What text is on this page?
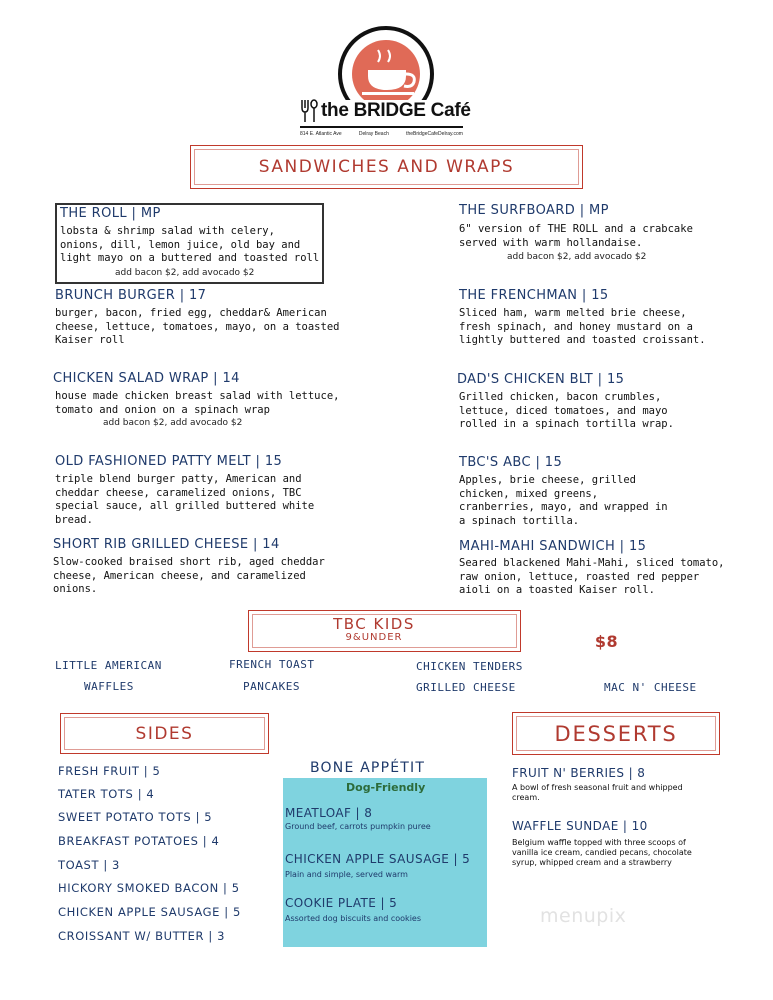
the BRIDGE Café
814 E. Atlantic Ave	Delray Beach	theBridgeCafeDelray.com
SANDWICHES AND WRAPS
THE ROLL | MP
lobsta & shrimp salad with celery, onions, dill, lemon juice, old bay and light mayo on a buttered and toasted roll
add bacon $2, add avocado $2
BRUNCH BURGER | 17
burger, bacon, fried egg, cheddar& American cheese, lettuce, tomatoes, mayo, on a toasted Kaiser roll
CHICKEN SALAD WRAP | 14
house made chicken breast salad with lettuce, tomato and onion on a spinach wrap
add bacon $2, add avocado $2
OLD FASHIONED PATTY MELT | 15
triple blend burger patty, American and cheddar cheese, caramelized onions, TBC special sauce, all grilled buttered white bread.
SHORT RIB GRILLED CHEESE | 14
Slow-cooked braised short rib, aged cheddar cheese, American cheese, and caramelized onions.
THE SURFBOARD | MP
6" version of THE ROLL and a crabcake served with warm hollandaise.
add bacon $2, add avocado $2
THE FRENCHMAN | 15
Sliced ham, warm melted brie cheese, fresh spinach, and honey mustard on a lightly buttered and toasted croissant.
DAD'S CHICKEN BLT | 15
Grilled chicken, bacon crumbles, lettuce, diced tomatoes, and mayo rolled in a spinach tortilla wrap.
TBC'S ABC | 15
Apples, brie cheese, grilled chicken, mixed greens, cranberries, mayo, and wrapped in a spinach tortilla.
MAHI-MAHI SANDWICH | 15
Seared blackened Mahi-Mahi, sliced tomato, raw onion, lettuce, roasted red pepper aioli on a toasted Kaiser roll.
TBC KIDS
9&UNDER	$8
LITTLE AMERICAN
WAFFLES
FRENCH TOAST
PANCAKES
CHICKEN TENDERS
GRILLED CHEESE	MAC N' CHEESE
SIDES
FRESH FRUIT | 5
TATER TOTS | 4
SWEET POTATO TOTS | 5
BREAKFAST POTATOES | 4
TOAST | 3
HICKORY SMOKED BACON | 5
CHICKEN APPLE SAUSAGE | 5
CROISSANT W/ BUTTER | 3
BONE APPÉTIT
Dog-Friendly
MEATLOAF | 8
Ground beef, carrots pumpkin puree
CHICKEN APPLE SAUSAGE | 5
Plain and simple, served warm
COOKIE PLATE | 5
Assorted dog biscuits and cookies
DESSERTS
FRUIT N' BERRIES | 8
A bowl of fresh seasonal fruit and whipped cream.
WAFFLE SUNDAE | 10
Belgium waffle topped with three scoops of vanilla ice cream, candied pecans, chocolate syrup, whipped cream and a strawberry
menupix
